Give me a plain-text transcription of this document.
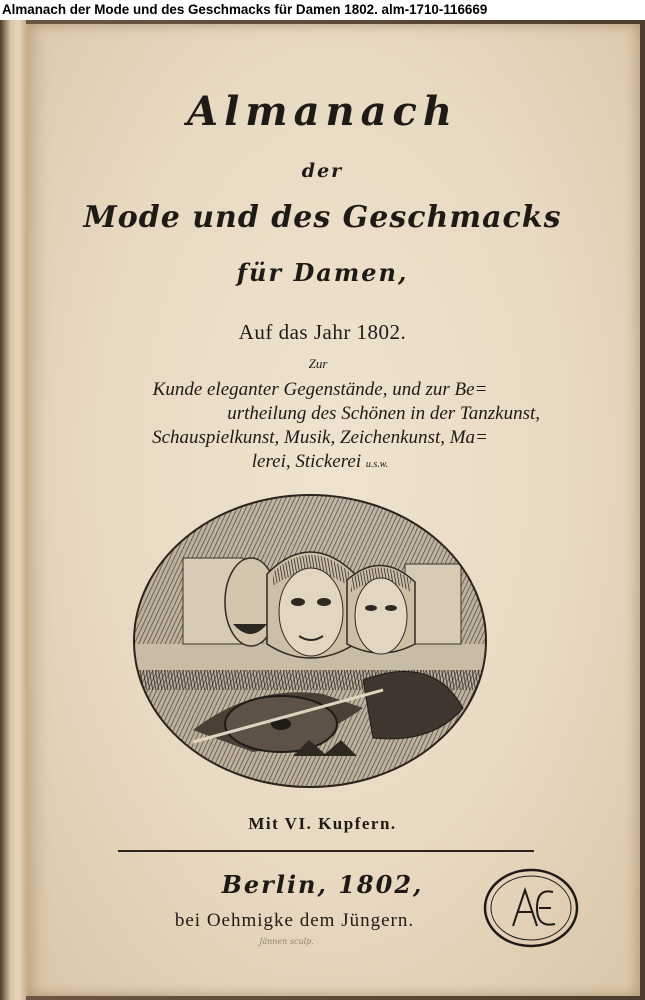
Almanach der Mode und des Geschmacks für Damen 1802. alm-1710-116669
Almanach
der
Mode und des Geschmacks
für Damen,
Auf das Jahr 1802.
Zur
Kunde eleganter Gegenstände, und zur Be=
urtheilung des Schönen in der Tanzkunst,
Schauspielkunst, Musik, Zeichenkunst, Ma=
lerei, Stickerei u.s.w.
Mit VI. Kupfern.
Berlin, 1802,
bei Oehmigke dem Jüngern.
Jännen sculp.
